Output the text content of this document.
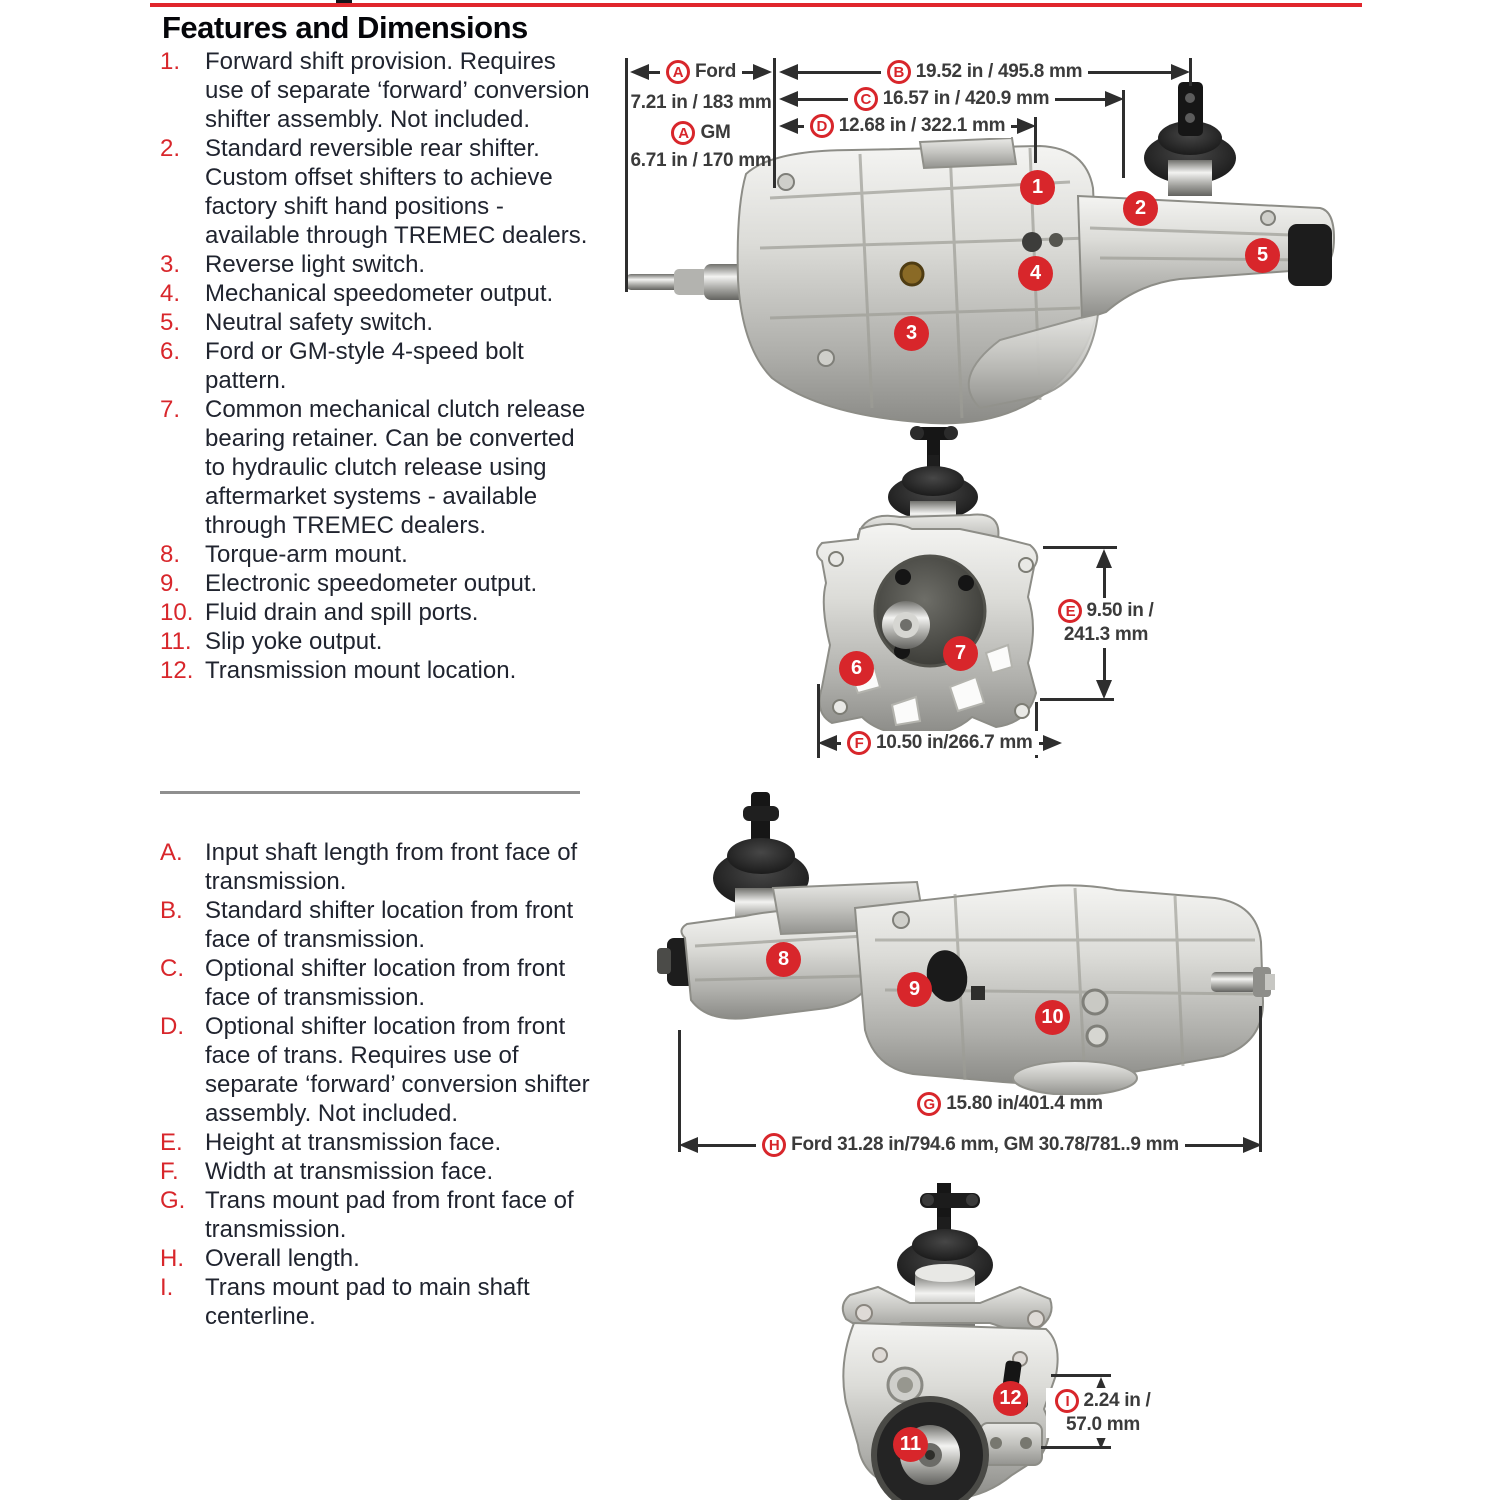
Features and Dimensions
1.	Forward shift provision. Requires use of separate ‘forward’ conversion shifter assembly. Not included.
2.	Standard reversible rear shifter. Custom offset shifters to achieve factory shift hand positions - available through TREMEC dealers.
3.	Reverse light switch.
4.	Mechanical speedometer output.
5.	Neutral safety switch.
6.	Ford or GM-style 4-speed bolt pattern.
7.	Common mechanical clutch release bearing retainer. Can be converted to hydraulic clutch release using aftermarket systems - available through TREMEC dealers.
8.	Torque-arm mount.
9.	Electronic speedometer output.
10. Fluid drain and spill ports.
11. Slip yoke output.
12. Transmission mount location.
A. Input shaft length from front face of transmission.
B. Standard shifter location from front face of transmission.
C. Optional shifter location from front face of transmission.
D. Optional shifter location from front face of trans. Requires use of separate ‘forward’ conversion shifter assembly. Not included.
E. Height at transmission face.
F.	Width at transmission face.
G. Trans mount pad from front face of transmission.
H. Overall length.
I.	Trans mount pad to main shaft centerline.
A Ford
7.21 in / 183 mm
A GM
6.71 in / 170 mm
B 19.52 in / 495.8 mm
C 16.57 in / 420.9 mm
D 12.68 in / 322.1 mm
1
2
3
4
5
E 9.50 in /
241.3 mm
F 10.50 in/266.7 mm
6
7
G 15.80 in/401.4 mm
H Ford 31.28 in/794.6 mm, GM 30.78/781..9 mm
8
9
10
I 2.24 in /
57.0 mm
11
12
